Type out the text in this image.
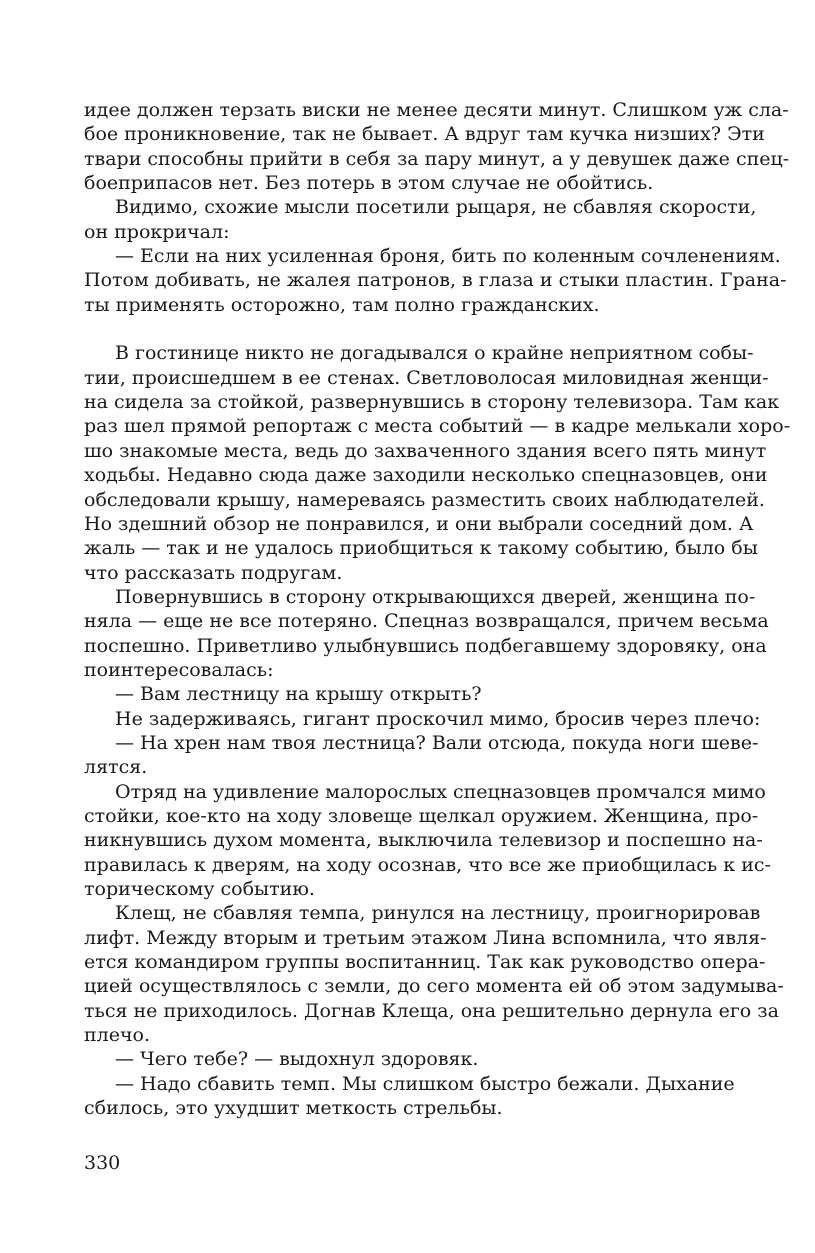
идее должен терзать виски не менее десяти минут. Слишком уж сла-
бое проникновение, так не бывает. А вдруг там кучка низших? Эти
твари способны прийти в себя за пару минут, а у девушек даже спец-
боеприпасов нет. Без потерь в этом случае не обойтись.
Видимо, схожие мысли посетили рыцаря, не сбавляя скорости,
он прокричал:
— Если на них усиленная броня, бить по коленным сочленениям.
Потом добивать, не жалея патронов, в глаза и стыки пластин. Грана-
ты применять осторожно, там полно гражданских.
В гостинице никто не догадывался о крайне неприятном собы-
тии, происшедшем в ее стенах. Светловолосая миловидная женщи-
на сидела за стойкой, развернувшись в сторону телевизора. Там как
раз шел прямой репортаж с места событий — в кадре мелькали хоро-
шо знакомые места, ведь до захваченного здания всего пять минут
ходьбы. Недавно сюда даже заходили несколько спецназовцев, они
обследовали крышу, намереваясь разместить своих наблюдателей.
Но здешний обзор не понравился, и они выбрали соседний дом. А
жаль — так и не удалось приобщиться к такому событию, было бы
что рассказать подругам.
Повернувшись в сторону открывающихся дверей, женщина по-
няла — еще не все потеряно. Спецназ возвращался, причем весьма
поспешно. Приветливо улыбнувшись подбегавшему здоровяку, она
поинтересовалась:
— Вам лестницу на крышу открыть?
Не задерживаясь, гигант проскочил мимо, бросив через плечо:
— На хрен нам твоя лестница? Вали отсюда, покуда ноги шеве-
лятся.
Отряд на удивление малорослых спецназовцев промчался мимо
стойки, кое-кто на ходу зловеще щелкал оружием. Женщина, про-
никнувшись духом момента, выключила телевизор и поспешно на-
правилась к дверям, на ходу осознав, что все же приобщилась к ис-
торическому событию.
Клещ, не сбавляя темпа, ринулся на лестницу, проигнорировав
лифт. Между вторым и третьим этажом Лина вспомнила, что явля-
ется командиром группы воспитанниц. Так как руководство опера-
цией осуществлялось с земли, до сего момента ей об этом задумыва-
ться не приходилось. Догнав Клеща, она решительно дернула его за
плечо.
— Чего тебе? — выдохнул здоровяк.
— Надо сбавить темп. Мы слишком быстро бежали. Дыхание
сбилось, это ухудшит меткость стрельбы.
330
